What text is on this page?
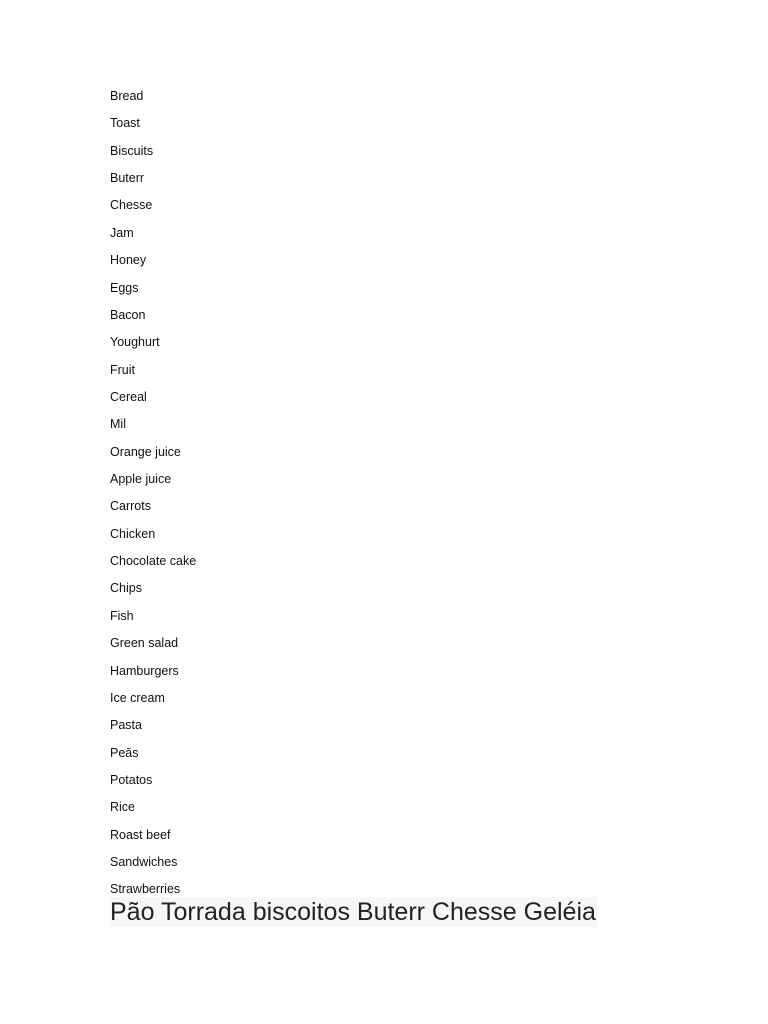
Bread
Toast
Biscuits
Buterr
Chesse
Jam
Honey
Eggs
Bacon
Youghurt
Fruit
Cereal
Mil
Orange juice
Apple juice
Carrots
Chicken
Chocolate cake
Chips
Fish
Green salad
Hamburgers
Ice cream
Pasta
Peās
Potatos
Rice
Roast beef
Sandwiches
Strawberries
Pão Torrada biscoitos Buterr Chesse Geléia
